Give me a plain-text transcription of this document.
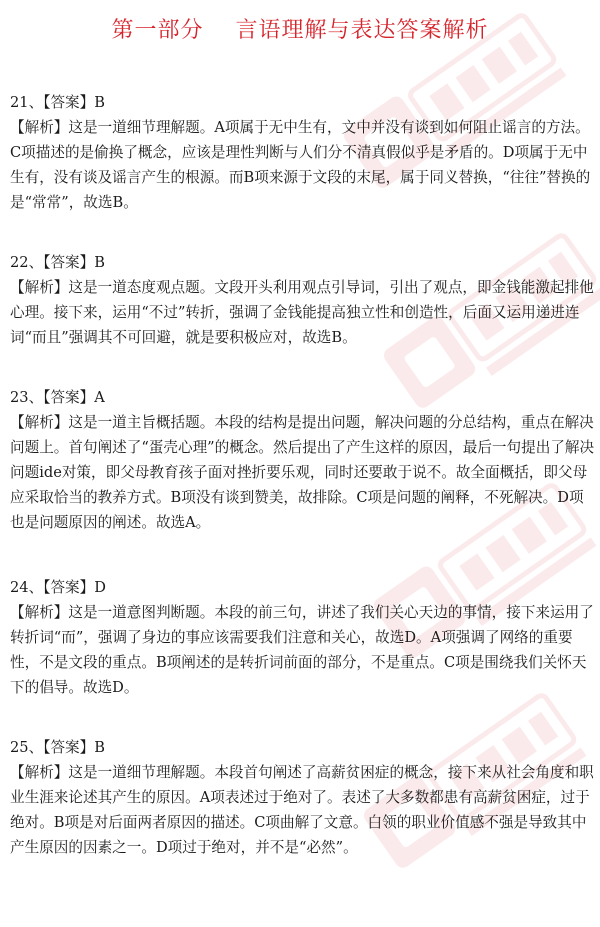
第一部分    言语理解与表达答案解析
21、【答案】B
【解析】这是一道细节理解题。A项属于无中生有，文中并没有谈到如何阻止谣言的方法。C项描述的是偷换了概念，应该是理性判断与人们分不清真假似乎是矛盾的。D项属于无中生有，没有谈及谣言产生的根源。而B项来源于文段的末尾，属于同义替换，“往往”替换的是“常常”，故选B。
22、【答案】B
【解析】这是一道态度观点题。文段开头利用观点引导词，引出了观点，即金钱能激起排他心理。接下来，运用“不过”转折，强调了金钱能提高独立性和创造性，后面又运用递进连词“而且”强调其不可回避，就是要积极应对，故选B。
23、【答案】A
【解析】这是一道主旨概括题。本段的结构是提出问题，解决问题的分总结构，重点在解决问题上。首句阐述了“蛋壳心理”的概念。然后提出了产生这样的原因，最后一句提出了解决问题ide对策，即父母教育孩子面对挫折要乐观，同时还要敢于说不。故全面概括，即父母应采取恰当的教养方式。B项没有谈到赞美，故排除。C项是问题的阐释，不死解决。D项也是问题原因的阐述。故选A。
24、【答案】D
【解析】这是一道意图判断题。本段的前三句，讲述了我们关心天边的事情，接下来运用了转折词“而”，强调了身边的事应该需要我们注意和关心，故选D。A项强调了网络的重要性，不是文段的重点。B项阐述的是转折词前面的部分，不是重点。C项是围绕我们关怀天下的倡导。故选D。
25、【答案】B
【解析】这是一道细节理解题。本段首句阐述了高薪贫困症的概念，接下来从社会角度和职业生涯来论述其产生的原因。A项表述过于绝对了。表述了大多数都患有高薪贫困症，过于绝对。B项是对后面两者原因的描述。C项曲解了文意。白领的职业价值感不强是导致其中产生原因的因素之一。D项过于绝对，并不是“必然”。
